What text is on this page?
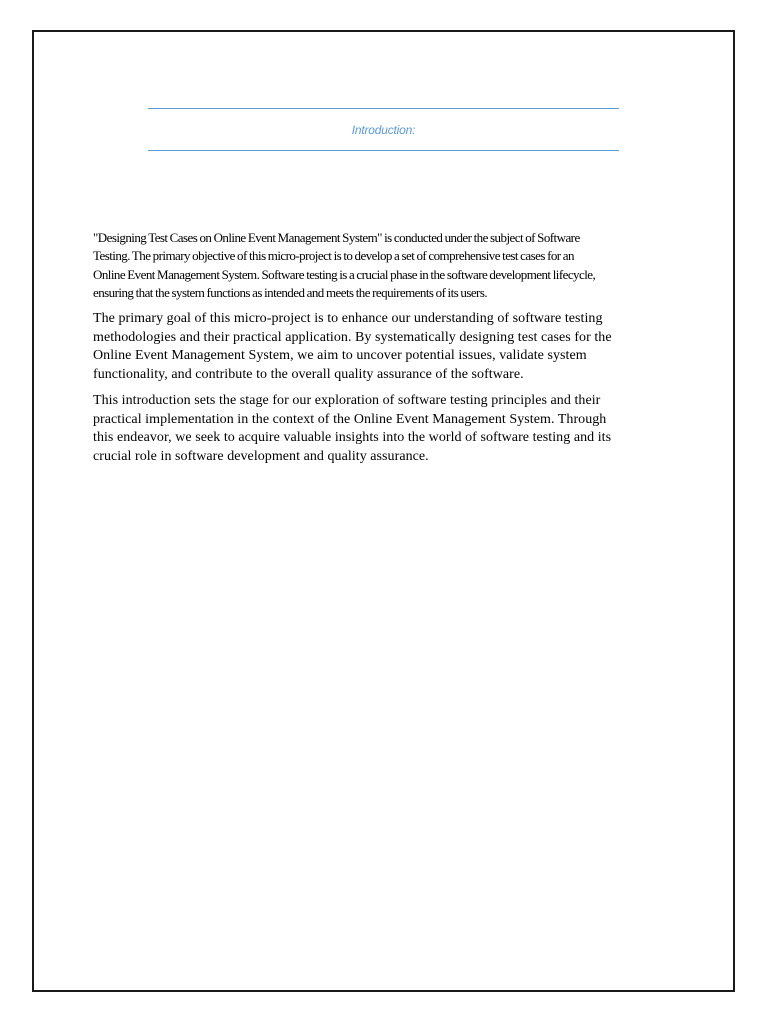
Introduction:

"Designing Test Cases on Online Event Management System" is conducted under the subject of Software
Testing. The primary objective of this micro-project is to develop a set of comprehensive test cases for an
Online Event Management System. Software testing is a crucial phase in the software development lifecycle,
ensuring that the system functions as intended and meets the requirements of its users.

The primary goal of this micro-project is to enhance our understanding of software testing
methodologies and their practical application. By systematically designing test cases for the
Online Event Management System, we aim to uncover potential issues, validate system
functionality, and contribute to the overall quality assurance of the software.

This introduction sets the stage for our exploration of software testing principles and their
practical implementation in the context of the Online Event Management System. Through
this endeavor, we seek to acquire valuable insights into the world of software testing and its
crucial role in software development and quality assurance.
